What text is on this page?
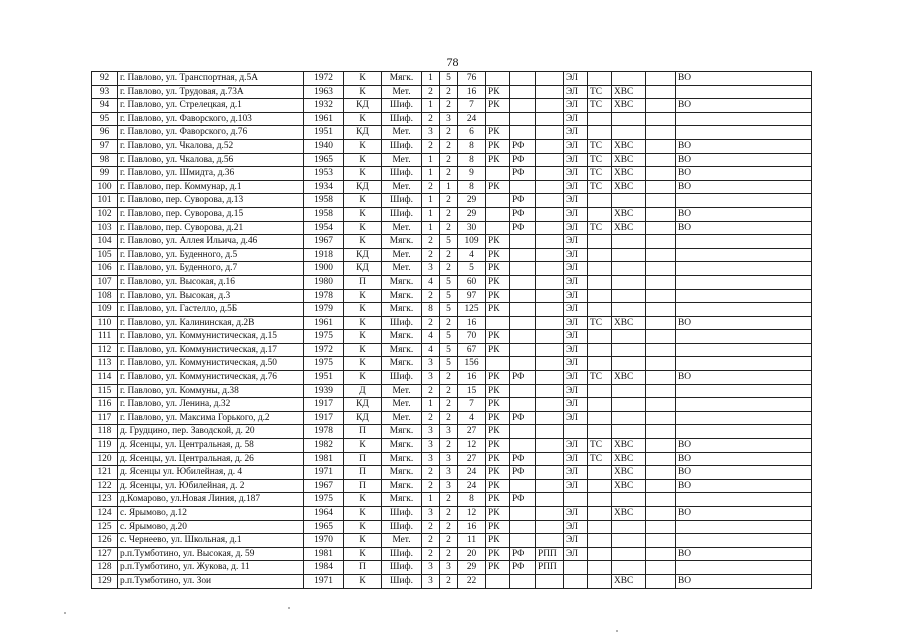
78
92	г. Павлово, ул. Транспортная, д.5А	1972	К	Мягк.	1	5	76				ЭЛ				ВО
93	г. Павлово, ул. Трудовая, д.73А	1963	К	Мет.	2	2	16	РК			ЭЛ	ТС	ХВС		
94	г. Павлово, ул. Стрелецкая, д.1	1932	КД	Шиф.	1	2	7	РК			ЭЛ	ТС	ХВС		ВО
95	г. Павлово, ул. Фаворского, д.103	1961	К	Шиф.	2	3	24				ЭЛ				
96	г. Павлово, ул. Фаворского, д.76	1951	КД	Мет.	3	2	6	РК			ЭЛ				
97	г. Павлово, ул. Чкалова, д.52	1940	К	Шиф.	2	2	8	РК	РФ		ЭЛ	ТС	ХВС		ВО
98	г. Павлово, ул. Чкалова, д.56	1965	К	Мет.	1	2	8	РК	РФ		ЭЛ	ТС	ХВС		ВО
99	г. Павлово, ул. Шмидта, д.36	1953	К	Шиф.	1	2	9		РФ		ЭЛ	ТС	ХВС		ВО
100	г. Павлово, пер. Коммунар, д.1	1934	КД	Мет.	2	1	8	РК			ЭЛ	ТС	ХВС		ВО
101	г. Павлово, пер. Суворова, д.13	1958	К	Шиф.	1	2	29		РФ		ЭЛ				
102	г. Павлово, пер. Суворова, д.15	1958	К	Шиф.	1	2	29		РФ		ЭЛ		ХВС		ВО
103	г. Павлово, пер. Суворова, д.21	1954	К	Мет.	1	2	30		РФ		ЭЛ	ТС	ХВС		ВО
104	г. Павлово, ул. Аллея Ильича, д.46	1967	К	Мягк.	2	5	109	РК			ЭЛ				
105	г. Павлово, ул. Буденного, д.5	1918	КД	Мет.	2	2	4	РК			ЭЛ				
106	г. Павлово, ул. Буденного, д.7	1900	КД	Мет.	3	2	5	РК			ЭЛ				
107	г. Павлово, ул. Высокая, д.16	1980	П	Мягк.	4	5	60	РК			ЭЛ				
108	г. Павлово, ул. Высокая, д.3	1978	К	Мягк.	2	5	97	РК			ЭЛ				
109	г. Павлово, ул. Гастелло, д.5Б	1979	К	Мягк.	8	5	125	РК			ЭЛ				
110	г. Павлово, ул. Калининская, д.2В	1961	К	Шиф.	2	2	16				ЭЛ	ТС	ХВС		ВО
111	г. Павлово, ул. Коммунистическая, д.15	1975	К	Мягк.	4	5	70	РК			ЭЛ				
112	г. Павлово, ул. Коммунистическая, д.17	1972	К	Мягк.	4	5	67	РК			ЭЛ				
113	г. Павлово, ул. Коммунистическая, д.50	1975	К	Мягк.	3	5	156				ЭЛ				
114	г. Павлово, ул. Коммунистическая, д.76	1951	К	Шиф.	3	2	16	РК	РФ		ЭЛ	ТС	ХВС		ВО
115	г. Павлово, ул. Коммуны, д.38	1939	Д	Мет.	2	2	15	РК			ЭЛ				
116	г. Павлово, ул. Ленина, д.32	1917	КД	Мет.	1	2	7	РК			ЭЛ				
117	г. Павлово, ул. Максима Горького, д.2	1917	КД	Мет.	2	2	4	РК	РФ		ЭЛ				
118	д. Грудцино, пер. Заводской, д. 20	1978	П	Мягк.	3	3	27	РК							
119	д. Ясенцы, ул. Центральная, д. 58	1982	К	Мягк.	3	2	12	РК			ЭЛ	ТС	ХВС		ВО
120	д. Ясенцы, ул. Центральная, д. 26	1981	П	Мягк.	3	3	27	РК	РФ		ЭЛ	ТС	ХВС		ВО
121	д. Ясенцы ул. Юбилейная, д. 4	1971	П	Мягк.	2	3	24	РК	РФ		ЭЛ		ХВС		ВО
122	д. Ясенцы, ул. Юбилейная, д. 2	1967	П	Мягк.	2	3	24	РК			ЭЛ		ХВС		ВО
123	д.Комарово, ул.Новая Линия, д.187	1975	К	Мягк.	1	2	8	РК	РФ						
124	с. Ярымово, д.12	1964	К	Шиф.	3	2	12	РК			ЭЛ		ХВС		ВО
125	с. Ярымово, д.20	1965	К	Шиф.	2	2	16	РК			ЭЛ				
126	с. Чернеево, ул. Школьная, д.1	1970	К	Мет.	2	2	11	РК			ЭЛ				
127	р.п.Тумботино, ул. Высокая, д. 59	1981	К	Шиф.	2	2	20	РК	РФ	РПП	ЭЛ				ВО
128	р.п.Тумботино, ул. Жукова, д. 11	1984	П	Шиф.	3	3	29	РК	РФ	РПП					
129	р.п.Тумботино, ул. Зои	1971	К	Шиф.	3	2	22						ХВС		ВО
